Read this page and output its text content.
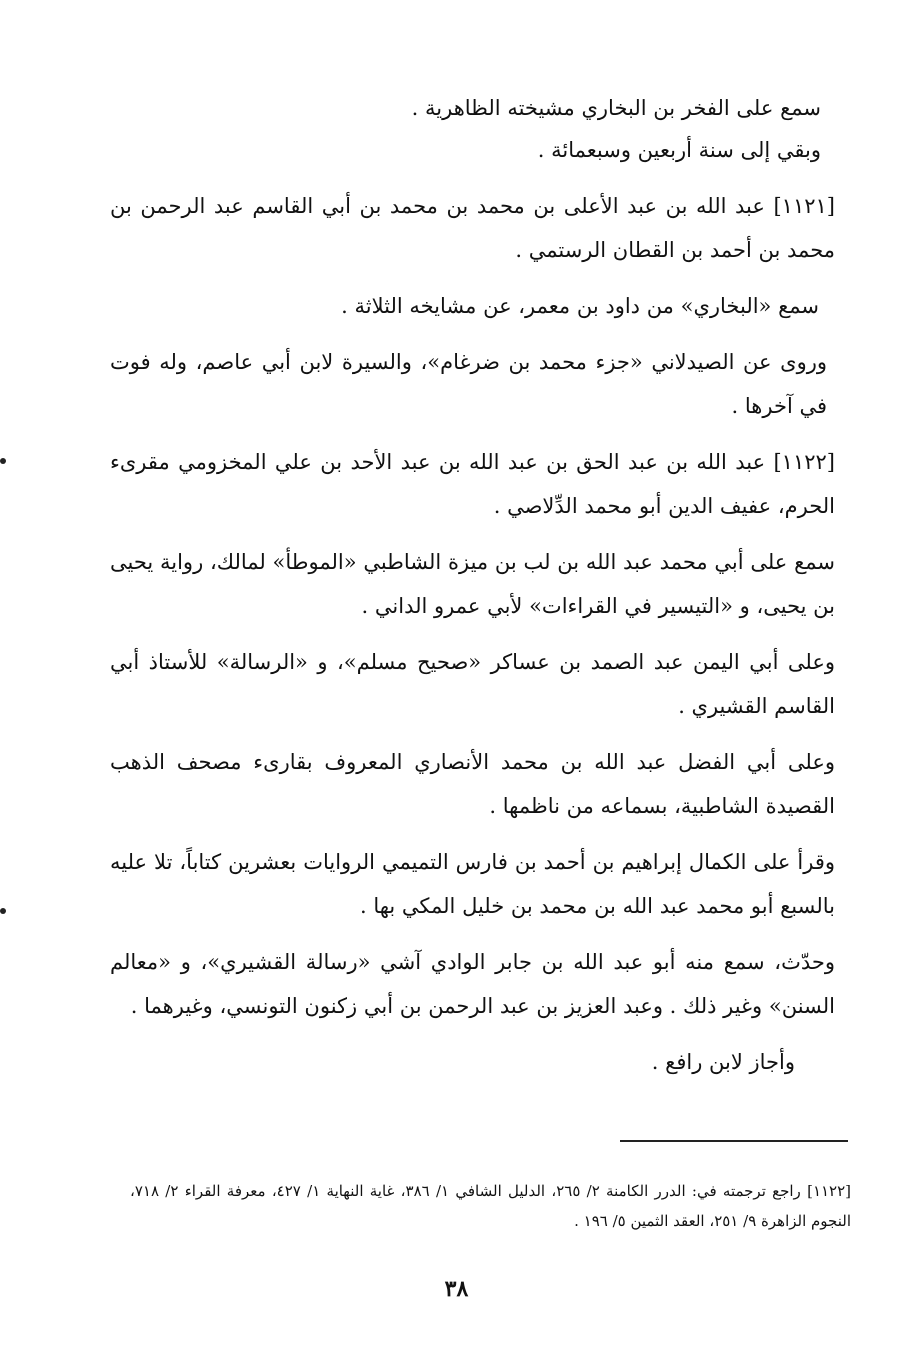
سمع على الفخر بن البخاري مشيخته الظاهرية .

وبقي إلى سنة أربعين وسبعمائة .

[١١٢١] عبد الله بن عبد الأعلى بن محمد بن محمد بن أبي القاسم عبد الرحمن بن محمد بن أحمد بن القطان الرستمي .

سمع «البخاري» من داود بن معمر، عن مشايخه الثلاثة .

وروى عن الصيدلاني «جزء محمد بن ضرغام»، والسيرة لابن أبي عاصم، وله فوت في آخرها .

[١١٢٢] عبد الله بن عبد الحق بن عبد الله بن عبد الأحد بن علي المخزومي مقرىء الحرم، عفيف الدين أبو محمد الدِّلاصي .

سمع على أبي محمد عبد الله بن لب بن ميزة الشاطبي «الموطأ» لمالك، رواية يحيى بن يحيى، و «التيسير في القراءات» لأبي عمرو الداني .

وعلى أبي اليمن عبد الصمد بن عساكر «صحيح مسلم»، و «الرسالة» للأستاذ أبي القاسم القشيري .

وعلى أبي الفضل عبد الله بن محمد الأنصاري المعروف بقارىء مصحف الذهب القصيدة الشاطبية، بسماعه من ناظمها .

وقرأ على الكمال إبراهيم بن أحمد بن فارس التميمي الروايات بعشرين كتاباً، تلا عليه بالسبع أبو محمد عبد الله بن محمد بن خليل المكي بها .

وحدّث، سمع منه أبو عبد الله بن جابر الوادي آشي «رسالة القشيري»، و «معالم السنن» وغير ذلك . وعبد العزيز بن عبد الرحمن بن أبي زكنون التونسي، وغيرهما .

وأجاز لابن رافع .

[١١٢٢] راجع ترجمته في: الدرر الكامنة ٢/ ٢٦٥، الدليل الشافي ١/ ٣٨٦، غاية النهاية ١/ ٤٢٧، معرفة القراء ٢/ ٧١٨، النجوم الزاهرة ٩/ ٢٥١، العقد الثمين ٥/ ١٩٦ .
٣٨
